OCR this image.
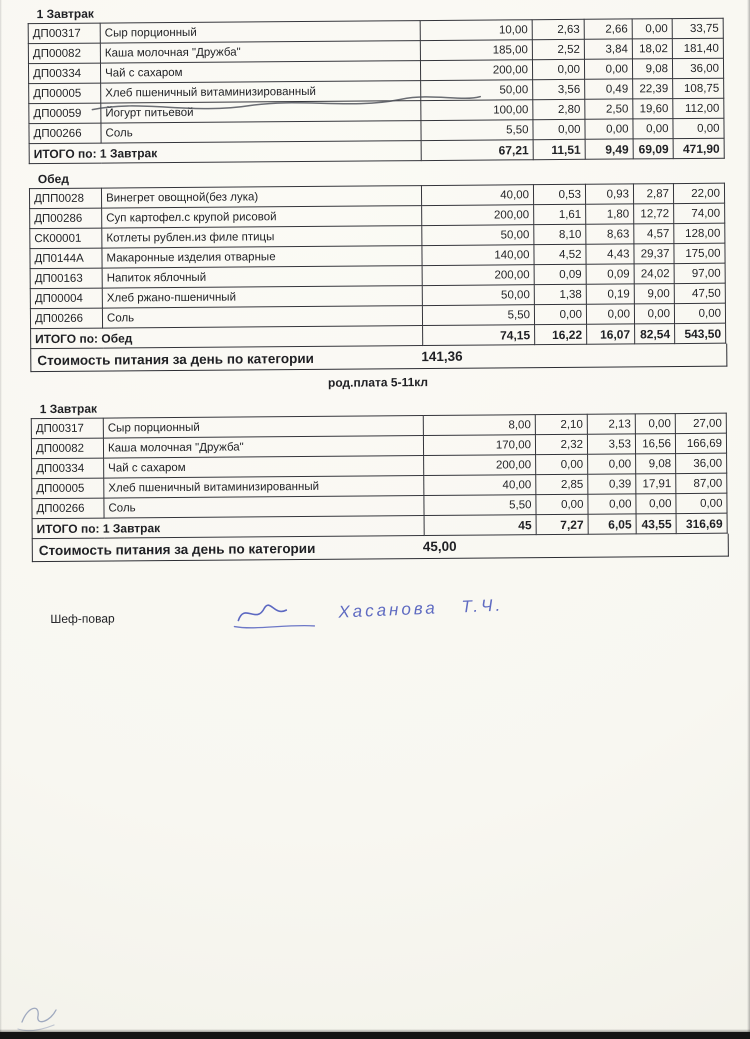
1 Завтрак
ДП00317	Сыр порционный	10,00	2,63	2,66	0,00	33,75
ДП00082	Каша молочная "Дружба"	185,00	2,52	3,84	18,02	181,40
ДП00334	Чай с сахаром	200,00	0,00	0,00	9,08	36,00
ДП00005	Хлеб пшеничный витаминизированный	50,00	3,56	0,49	22,39	108,75
ДП00059	Йогурт питьевой	100,00	2,80	2,50	19,60	112,00
ДП00266	Соль	5,50	0,00	0,00	0,00	0,00
ИТОГО по: 1 Завтрак		67,21	11,51	9,49	69,09	471,90
Обед
ДПП0028	Винегрет овощной(без лука)	40,00	0,53	0,93	2,87	22,00
ДП00286	Суп картофел.с крупой рисовой	200,00	1,61	1,80	12,72	74,00
СК00001	Котлеты рублен.из филе птицы	50,00	8,10	8,63	4,57	128,00
ДП0144А	Макаронные изделия отварные	140,00	4,52	4,43	29,37	175,00
ДП00163	Напиток яблочный	200,00	0,09	0,09	24,02	97,00
ДП00004	Хлеб ржано-пшеничный	50,00	1,38	0,19	9,00	47,50
ДП00266	Соль	5,50	0,00	0,00	0,00	0,00
ИТОГО по: Обед		74,15	16,22	16,07	82,54	543,50
Стоимость питания за день по категории	141,36
род.плата 5-11кл
1 Завтрак
ДП00317	Сыр порционный	8,00	2,10	2,13	0,00	27,00
ДП00082	Каша молочная "Дружба"	170,00	2,32	3,53	16,56	166,69
ДП00334	Чай с сахаром	200,00	0,00	0,00	9,08	36,00
ДП00005	Хлеб пшеничный витаминизированный	40,00	2,85	0,39	17,91	87,00
ДП00266	Соль	5,50	0,00	0,00	0,00	0,00
ИТОГО по: 1 Завтрак		45	7,27	6,05	43,55	316,69
Стоимость питания за день по категории	45,00
Шеф-повар	Хасанова Т.Ч.
